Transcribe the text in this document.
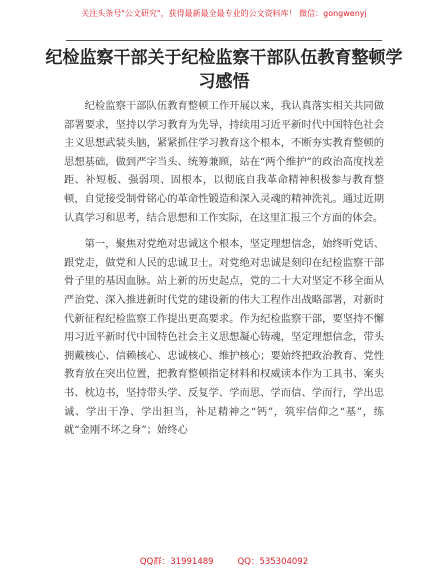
关注头条号"公文研究"，获得最新最全最专业的公文资料库！ 微信：gongwenyj
纪检监察干部关于纪检监察干部队伍教育整顿学习感悟

纪检监察干部队伍教育整顿工作开展以来，我认真落实相关共同做部署要求，坚持以学习教育为先导，持续用习近平新时代中国特色社会主义思想武装头脑，紧紧抓住学习教育这个根本，不断夯实教育整顿的思想基础，做到严字当头、统筹兼顾，站在“两个维护”的政治高度找差距、补短板、强弱项、固根本，以彻底自我革命精神积极参与教育整顿，自觉接受制骨铭心的革命性锻造和深入灵魂的精神洗礼。通过近期认真学习和思考，结合思想和工作实际，在这里汇报三个方面的体会。

第一，聚焦对党绝对忠诚这个根本，坚定理想信念，始终听党话、跟党走，做党和人民的忠诚卫士。对党绝对忠诚是刻印在纪检监察干部骨子里的基因血脉。站上新的历史起点，党的二十大对坚定不移全面从严治党、深入推进新时代党的建设新的伟大工程作出战略部署，对新时代新征程纪检监察工作提出更高要求。作为纪检监察干部，要坚持不懈用习近平新时代中国特色社会主义思想凝心铸魂，坚定理想信念，带头拥戴核心、信赖核心、忠诚核心、维护核心；要始终把政治教育、党性教育放在突出位置，把教育整顿指定材料和权威读本作为工具书、案头书、枕边书，坚持带头学、反复学、学而思、学而信、学而行，学出忠诚、学出干净、学出担当，补足精神之“钙”，筑牢信仰之“基”，练就“金刚不坏之身”；始终心

QQ群：31991489	QQ：535304092
